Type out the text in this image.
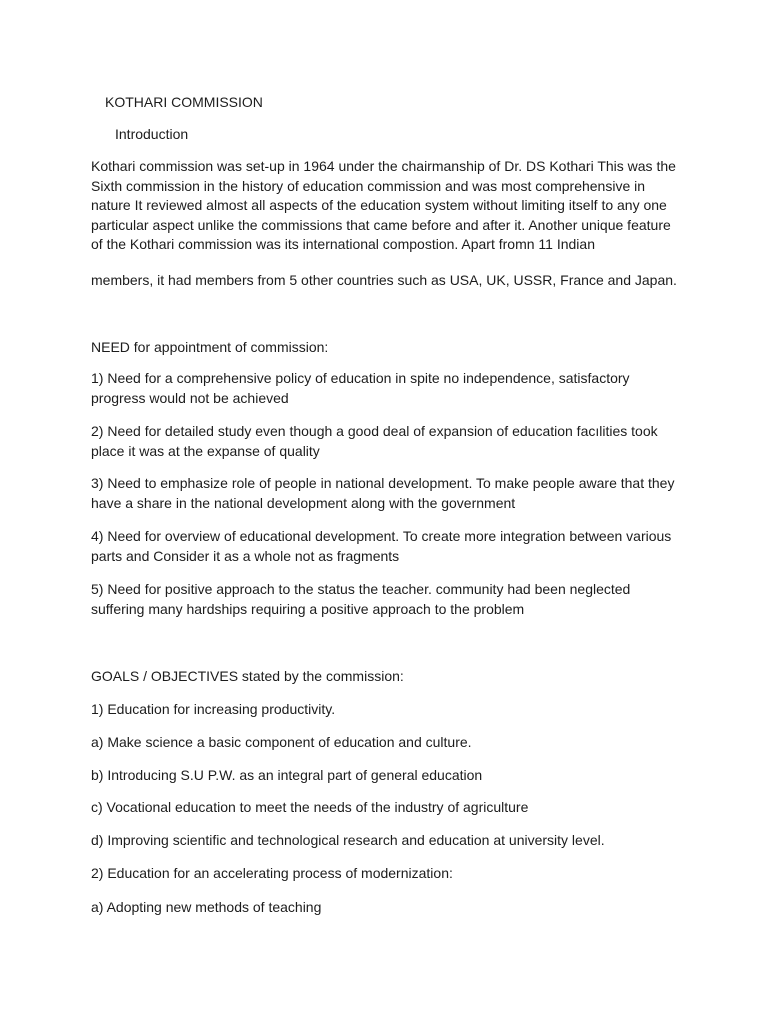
KOTHARI COMMISSION
Introduction
Kothari commission was set-up in 1964 under the chairmanship of Dr. DS Kothari This was the
Sixth commission in the history of education commission and was most comprehensive in
nature It reviewed almost all aspects of the education system without limiting itself to any one
particular aspect unlike the commissions that came before and after it. Another unique feature
of the Kothari commission was its international compostion. Apart fromn 11 Indian
members, it had members from 5 other countries such as USA, UK, USSR, France and Japan.
NEED for appointment of commission:
1) Need for a comprehensive policy of education in spite no independence, satisfactory
progress would not be achieved
2) Need for detailed study even though a good deal of expansion of education facılities took
place it was at the expanse of quality
3) Need to emphasize role of people in national development. To make people aware that they
have a share in the national development along with the government
4) Need for overview of educational development. To create more integration between various
parts and Consider it as a whole not as fragments
5) Need for positive approach to the status the teacher. community had been neglected
suffering many hardships requiring a positive approach to the problem
GOALS / OBJECTIVES stated by the commission:
1) Education for increasing productivity.
a) Make science a basic component of education and culture.
b) Introducing S.U P.W. as an integral part of general education
c) Vocational education to meet the needs of the industry of agriculture
d) Improving scientific and technological research and education at university level.
2) Education for an accelerating process of modernization:
a) Adopting new methods of teaching
